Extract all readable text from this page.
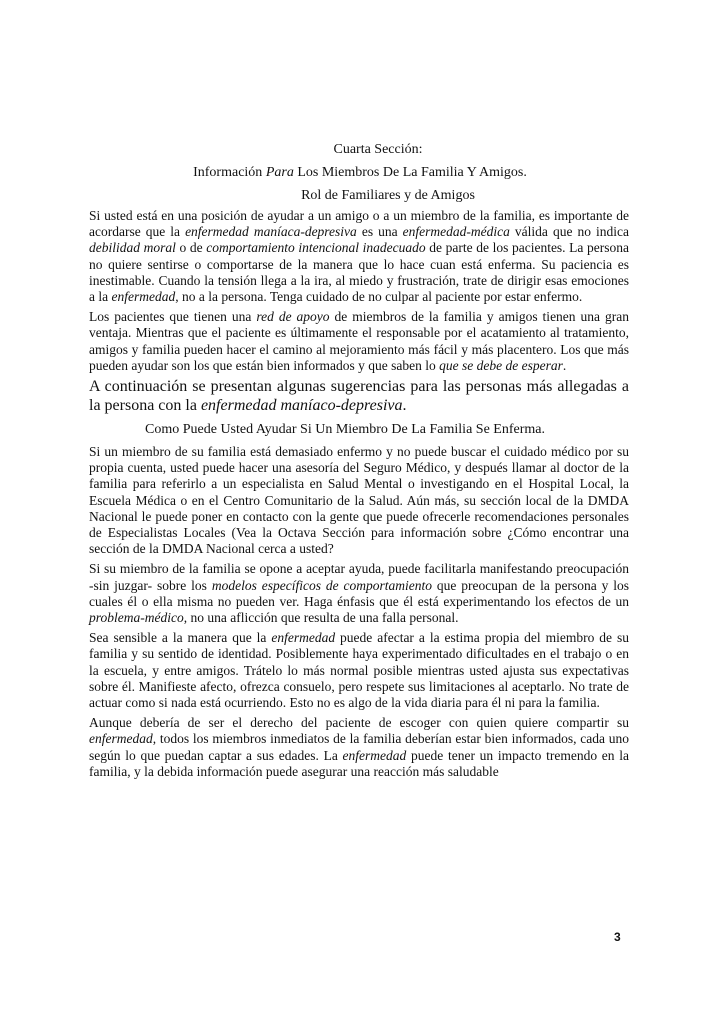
Cuarta Sección:
Información Para Los Miembros De La Familia Y Amigos.
Rol de Familiares y de Amigos

Si usted está en una posición de ayudar a un amigo o a un miembro de la familia, es importante de acordarse que la enfermedad maníaca-depresiva es una enfermedad-médica válida que no indica debilidad moral o de comportamiento intencional inadecuado de parte de los pacientes. La persona no quiere sentirse o comportarse de la manera que lo hace cuan está enferma. Su paciencia es inestimable. Cuando la tensión llega a la ira, al miedo y frustración, trate de dirigir esas emociones a la enfermedad, no a la persona. Tenga cuidado de no culpar al paciente por estar enfermo.

Los pacientes que tienen una red de apoyo de miembros de la familia y amigos tienen una gran ventaja. Mientras que el paciente es últimamente el responsable por el acatamiento al tratamiento, amigos y familia pueden hacer el camino al mejoramiento más fácil y más placentero. Los que más pueden ayudar son los que están bien informados y que saben lo que se debe de esperar.

A continuación se presentan algunas sugerencias para las personas más allegadas a la persona con la enfermedad maníaco-depresiva.

Como Puede Usted Ayudar Si Un Miembro De La Familia Se Enferma.

Si un miembro de su familia está demasiado enfermo y no puede buscar el cuidado médico por su propia cuenta, usted puede hacer una asesoría del Seguro Médico, y después llamar al doctor de la familia para referirlo a un especialista en Salud Mental o investigando en el Hospital Local, la Escuela Médica o en el Centro Comunitario de la Salud. Aún más, su sección local de la DMDA Nacional le puede poner en contacto con la gente que puede ofrecerle recomendaciones personales de Especialistas Locales (Vea la Octava Sección para información sobre ¿Cómo encontrar una sección de la DMDA Nacional cerca a usted?

Si su miembro de la familia se opone a aceptar ayuda, puede facilitarla manifestando preocupación -sin juzgar- sobre los modelos específicos de comportamiento que preocupan de la persona y los cuales él o ella misma no pueden ver. Haga énfasis que él está experimentando los efectos de un problema-médico, no una aflicción que resulta de una falla personal.

Sea sensible a la manera que la enfermedad puede afectar a la estima propia del miembro de su familia y su sentido de identidad. Posiblemente haya experimentado dificultades en el trabajo o en la escuela, y entre amigos. Trátelo lo más normal posible mientras usted ajusta sus expectativas sobre él. Manifieste afecto, ofrezca consuelo, pero respete sus limitaciones al aceptarlo. No trate de actuar como si nada está ocurriendo. Esto no es algo de la vida diaria para él ni para la familia.

Aunque debería de ser el derecho del paciente de escoger con quien quiere compartir su enfermedad, todos los miembros inmediatos de la familia deberían estar bien informados, cada uno según lo que puedan captar a sus edades. La enfermedad puede tener un impacto tremendo en la familia, y la debida información puede asegurar una reacción más saludable

3
